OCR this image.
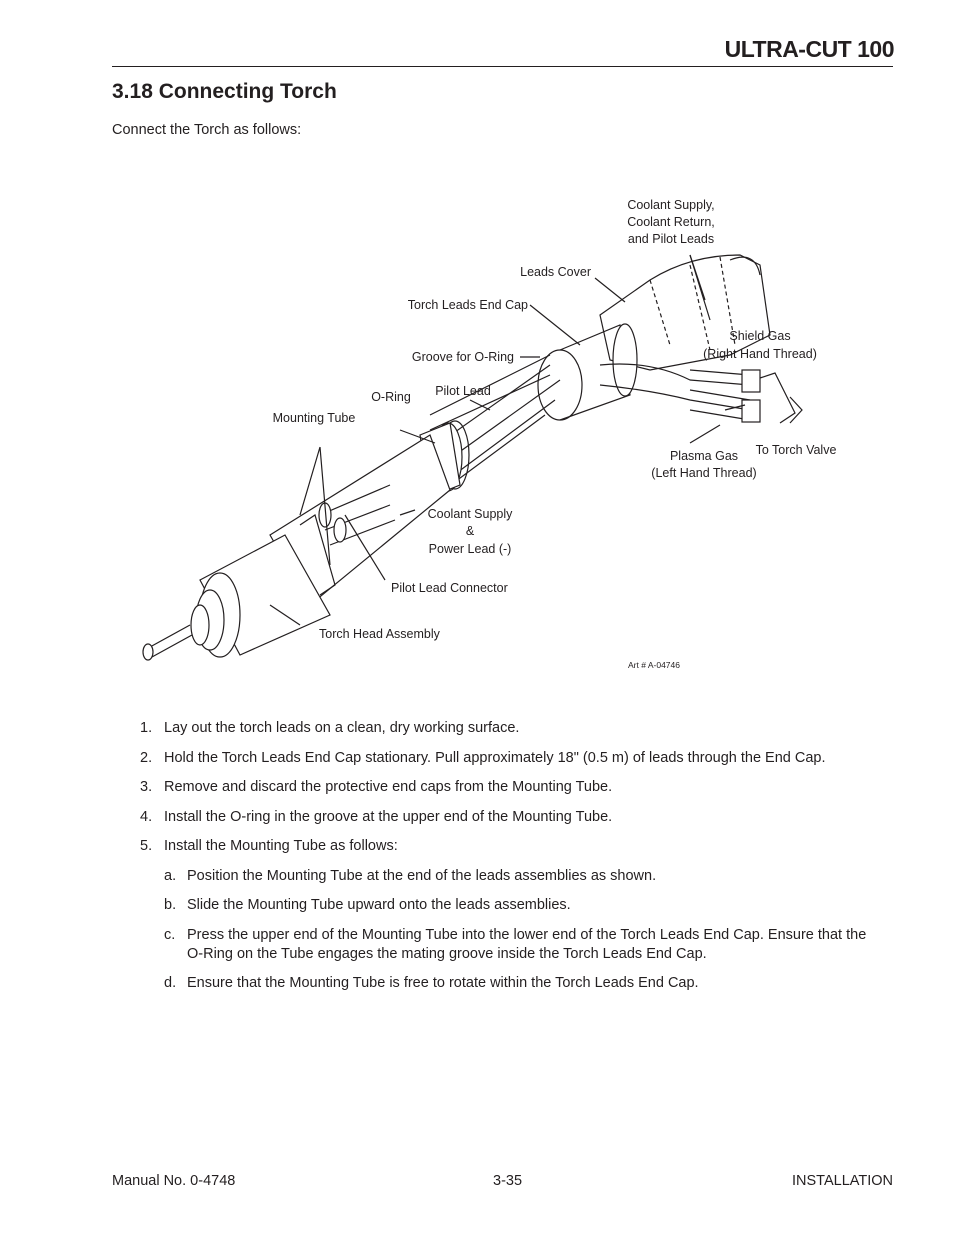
ULTRA-CUT 100
3.18 Connecting Torch
Connect the Torch as follows:
Coolant Supply,
Coolant Return,
and Pilot Leads
Leads Cover
Torch Leads End Cap
Shield Gas
(Right Hand Thread)
Groove for O-Ring
Pilot Lead
O-Ring
Mounting Tube
To Torch Valve
Plasma Gas
(Left Hand Thread)
Coolant Supply
&
Power Lead (-)
Pilot Lead Connector
Torch Head Assembly
Art # A-04746
1. Lay out the torch leads on a clean, dry working surface.
2. Hold the Torch Leads End Cap stationary. Pull approximately 18" (0.5 m) of leads through the End Cap.
3. Remove and discard the protective end caps from the Mounting Tube.
4. Install the O-ring in the groove at the upper end of the Mounting Tube.
5. Install the Mounting Tube as follows:
a. Position the Mounting Tube at the end of the leads assemblies as shown.
b. Slide the Mounting Tube upward onto the leads assemblies.
c. Press the upper end of the Mounting Tube into the lower end of the Torch Leads End Cap. Ensure that the O-Ring on the Tube engages the mating groove inside the Torch Leads End Cap.
d. Ensure that the Mounting Tube is free to rotate within the Torch Leads End Cap.
Manual No. 0-4748	3-35	INSTALLATION
